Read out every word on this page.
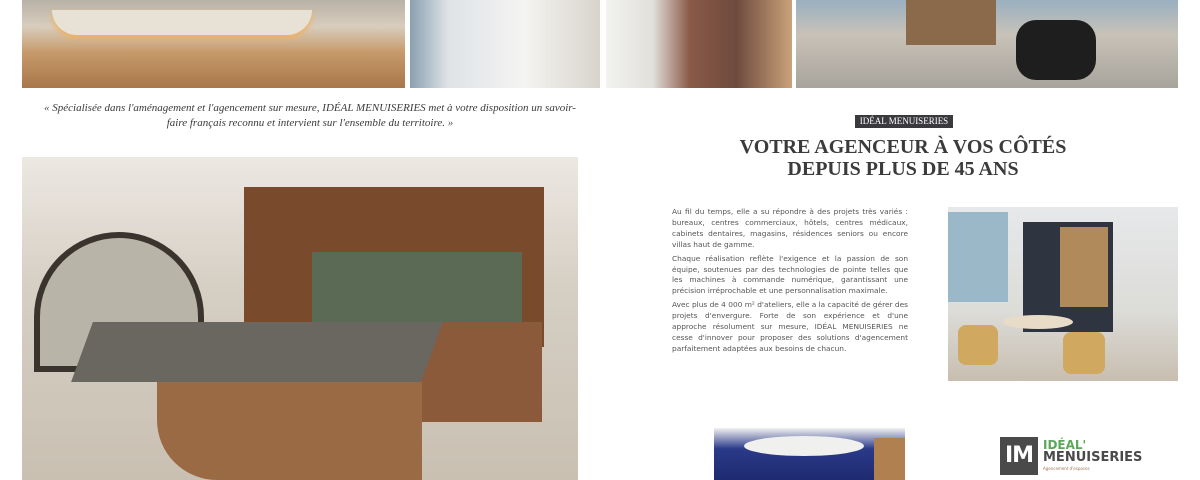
« Spécialisée dans l'aménagement et l'agencement sur mesure, IDÉAL MENUISERIES met à votre disposition un savoir-faire français reconnu et intervient sur l'ensemble du territoire. »	IDÉAL MENUISERIES
VOTRE AGENCEUR À VOS CÔTÉS
DEPUIS PLUS DE 45 ANS

Au fil du temps, elle a su répondre à des projets très variés : bureaux, centres commerciaux, hôtels, centres médicaux, cabinets dentaires, magasins, résidences seniors ou encore villas haut de gamme.

Chaque réalisation reflète l'exigence et la passion de son équipe, soutenues par des technologies de pointe telles que les machines à commande numérique, garantissant une précision irréprochable et une personnalisation maximale.

Avec plus de 4 000 m² d'ateliers, elle a la capacité de gérer des projets d'envergure. Forte de son expérience et d'une approche résolument sur mesure, IDÉAL MENUISERIES ne cesse d'innover pour proposer des solutions d'agencement parfaitement adaptées aux besoins de chacun.

IM IDÉAL'
MENUISERIES
Agencement d'espaces
